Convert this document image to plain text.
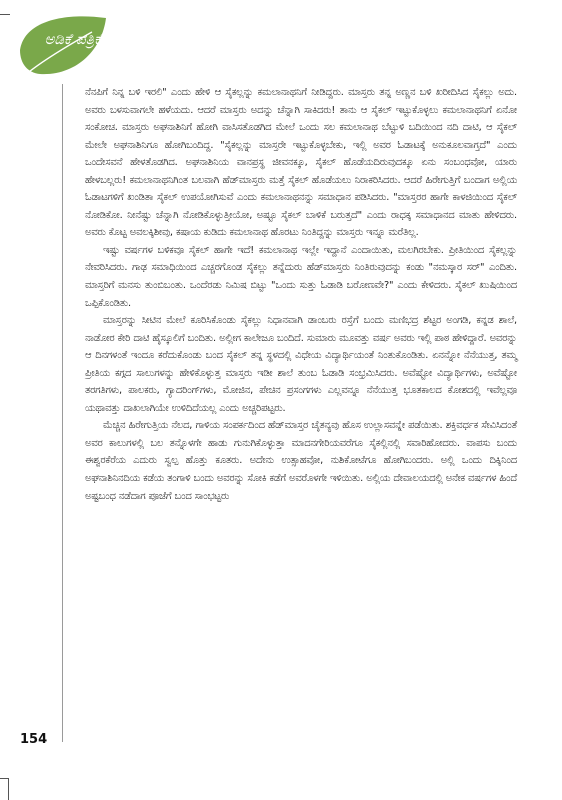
ಅಡಿಕೆ ಪತ್ರಿಕೆ

ನೆನಪಿಗೆ ನಿನ್ನ ಬಳಿ ಇರಲಿ" ಎಂದು ಹೇಳಿ ಆ ಸೈಕಲ್ಲನ್ನು ಕಮಲಾನಾಥನಿಗೆ ನೀಡಿದ್ದರು. ಮಾಸ್ತರು ತನ್ನ ಅಣ್ಣನ ಬಳಿ ಖರೀದಿಸಿದ ಸೈಕಲ್ಲು ಅದು. ಅವರು ಬಳಸುವಾಗಲೇ ಹಳೆಯದು. ಆದರೆ ಮಾಸ್ತರು ಅದನ್ನು ಚೆನ್ನಾಗಿ ಸಾಕಿದರು! ತಾನು ಆ ಸೈಕಲ್ ಇಟ್ಟುಕೊಳ್ಳಲು ಕಮಲಾನಾಥನಿಗೆ ಏನೋ ಸಂಕೋಚ. ಮಾಸ್ತರು ಅಘನಾಶಿನಿಗೆ ಹೋಗಿ ವಾಸಿಸತೊಡಗಿದ ಮೇಲೆ ಒಂದು ಸಲ ಕಮಲಾನಾಥ ಬೆಟ್ಟುಳಿ ಬದಿಯಿಂದ ನದಿ ದಾಟಿ, ಆ ಸೈಕಲ್ ಮೇಲೇ ಅಘನಾಶಿನಿಗೂ ಹೋಗಿಬಂದಿದ್ದ. "ಸೈಕಲ್ಲನ್ನು ಮಾಸ್ತರೇ ಇಟ್ಟುಕೊಳ್ಳಬೇಕು, ಇಲ್ಲಿ ಅವರ ಓಡಾಟಕ್ಕೆ ಅನುಕೂಲವಾಗ್ತದೆ" ಎಂದು ಒಂದೇಸವನೆ ಹೇಳತೊಡಗಿದ. ಅಘನಾಶಿನಿಯ ವಾನಪ್ರಸ್ಥ ಜೀವನಕ್ಕೂ, ಸೈಕಲ್ ಹೊಡೆಯದಿರುವುದಕ್ಕೂ ಏನು ಸಂಬಂಧವೋ, ಯಾರು ಹೇಳಬಲ್ಲರು! ಕಮಲಾನಾಥನಿಗಿಂತ ಬಲವಾಗಿ ಹೆಡ್‌ಮಾಸ್ತರು ಮತ್ತೆ ಸೈಕಲ್ ಹೊಡೆಯಲು ನಿರಾಕರಿಸಿದರು. ಆದರೆ ಹಿರೇಗುತ್ತಿಗೆ ಬಂದಾಗ ಅಲ್ಲಿಯ ಓಡಾಟಗಳಿಗೆ ಖಂಡಿತಾ ಸೈಕಲ್ ಉಪಯೋಗಿಸುವೆ ಎಂದು ಕಮಲಾನಾಥನನ್ನು ಸಮಾಧಾನ ಪಡಿಸಿದರು. "ಮಾಸ್ತರರ ಹಾಗೇ ಕಾಳಜಿಯಿಂದ ಸೈಕಲ್ ನೋಡಿಕೋ. ನೀನೆಷ್ಟು ಚೆನ್ನಾಗಿ ನೋಡಿಕೊಳ್ಳುತ್ತೀಯೋ, ಅಷ್ಟೂ ಸೈಕಲ್ ಬಾಳಿಕೆ ಬರುತ್ತದೆ" ಎಂದು ರಾಧಕ್ಕ ಸಮಾಧಾನದ ಮಾತು ಹೇಳಿದರು. ಅವರು ಕೊಟ್ಟ ಅವಲಕ್ಕಿಶೀವು, ಕಷಾಯ ಕುಡಿದು ಕಮಲಾನಾಥ ಹೊರಟು ನಿಂತಿದ್ದನ್ನು ಮಾಸ್ತರು ಇನ್ನೂ ಮರೆತಿಲ್ಲ.

ಇಷ್ಟು ವರ್ಷಗಳ ಬಳಿಕವೂ ಸೈಕಲ್ ಹಾಗೇ ಇದೆ! ಕಮಲಾನಾಥ ಇಲ್ಲೇ ಇದ್ದಾನೆ ಎಂದಾಯಿತು, ಮಲಗಿರಬೇಕು. ಪ್ರೀತಿಯಿಂದ ಸೈಕಲ್ಲನ್ನು ನೇವರಿಸಿದರು. ಗಾಢ ಸಮಾಧಿಯಿಂದ ಎಚ್ಚರಗೊಂಡ ಸೈಕಲ್ಲು ತನ್ನೆದುರು ಹೆಡ್‌ಮಾಸ್ತರು ನಿಂತಿರುವುದನ್ನು ಕಂಡು "ನಮಸ್ಕಾರ ಸರ್" ಎಂದಿತು. ಮಾಸ್ತರಿಗೆ ಮನಸು ತುಂಬಿಬಂತು. ಒಂದೆರಡು ನಿಮಿಷ ಬಿಟ್ಟು "ಒಂದು ಸುತ್ತು ಓಡಾಡಿ ಬರೋಣವೇ?" ಎಂದು ಕೇಳಿದರು. ಸೈಕಲ್ ಖುಷಿಯಿಂದ ಒಪ್ಪಿಕೊಂಡಿತು.

ಮಾಸ್ತರನ್ನು ಸೀಟಿನ ಮೇಲೆ ಕೂರಿಸಿಕೊಂಡು ಸೈಕಲ್ಲು ನಿಧಾನವಾಗಿ ಡಾಂಬರು ರಸ್ತೆಗೆ ಬಂದು ಮಣಿಭದ್ರ ಶೆಟ್ಟರ ಅಂಗಡಿ, ಕನ್ನಡ ಶಾಲೆ, ನಾಡೋರ ಕೇರಿ ದಾಟಿ ಹೈಸ್ಕೂಲಿಗೆ ಬಂದಿತು. ಅಲ್ಲೀಗ ಕಾಲೇಜೂ ಬಂದಿದೆ. ಸುಮಾರು ಮೂವತ್ತು ವರ್ಷ ಅವರು ಇಲ್ಲಿ ಪಾಠ ಹೇಳಿದ್ದಾರೆ. ಅವರನ್ನು ಆ ದಿನಗಳಂತೆ ಇಂದೂ ಕರೆದುಕೊಂಡು ಬಂದ ಸೈಕಲ್ ತನ್ನ ಸ್ಥಳದಲ್ಲಿ ವಿಧೇಯ ವಿದ್ಯಾರ್ಥಿಯಂತೆ ನಿಂತುಕೊಂಡಿತು. ಏನನ್ನೋ ನೆನೆಯುತ್ತ, ತಮ್ಮ ಪ್ರೀತಿಯ ಕಗ್ಗದ ಸಾಲುಗಳನ್ನು ಹೇಳಿಕೊಳ್ಳುತ್ತ ಮಾಸ್ತರು ಇಡೀ ಶಾಲೆ ತುಂಬ ಓಡಾಡಿ ಸಂಭ್ರಮಿಸಿದರು. ಅವೆಷ್ಟೋ ವಿದ್ಯಾರ್ಥಿಗಳು, ಅವೆಷ್ಟೋ ತರಗತಿಗಳು, ಪಾಲಕರು, ಗ್ಯಾದರಿಂಗ್‌ಗಳು, ಮೋಜಿನ, ಪೇಚಿನ ಪ್ರಸಂಗಗಳು ಎಲ್ಲವನ್ನೂ ನೆನೆಯುತ್ತ ಭೂತಕಾಲದ ಕೋಶದಲ್ಲಿ ಇವೆಲ್ಲವೂ ಯಥಾವತ್ತು ದಾಖಲಾಗಿಯೇ ಉಳಿದಿದೆಯಲ್ಲ ಎಂದು ಅಚ್ಚರಿಪಟ್ಟರು.

ಮೆಚ್ಚಿನ ಹಿರೇಗುತ್ತಿಯ ನೆಲದ, ಗಾಳಿಯ ಸಂಪರ್ಕದಿಂದ ಹೆಡ್‌ಮಾಸ್ತರ ಚೈತನ್ಯವು ಹೊಸ ಉಲ್ಲಾಸವನ್ನೇ ಪಡೆಯಿತು. ಶಕ್ತಿವರ್ಧಕ ಸೇವಿಸಿದಂತೆ ಅವರ ಕಾಲುಗಳಲ್ಲಿ ಬಲ ತನ್ನೊಳಗೇ ಹಾಡು ಗುನುಗಿಕೊಳ್ಳುತ್ತಾ ಮಾದನಗೇರಿಯವರೆಗೂ ಸೈಕಲ್ಲಿನಲ್ಲಿ ಸವಾರಿಹೋದರು. ವಾಪಸು ಬಂದು ಈಶ್ವರಕೆರೆಯ ಎದುರು ಸ್ವಲ್ಪ ಹೊತ್ತು ಕೂತರು. ಅದೇನು ಉತ್ಸಾಹವೋ, ನುಶಿಕೋಟೆಗೂ ಹೋಗಿಬಂದರು. ಅಲ್ಲಿ ಒಂದು ದಿಕ್ಕಿನಿಂದ ಅಘನಾಶಿನಿನದಿಯ ಕಡೆಯ ತಂಗಾಳಿ ಬಂದು ಅವರನ್ನು ಸೋಕಿ ಕಡೆಗೆ ಅವರೊಳಗೇ ಇಳಿಯಿತು. ಅಲ್ಲಿಯ ದೇವಾಲಯದಲ್ಲಿ ಅನೇಕ ವರ್ಷಗಳ ಹಿಂದೆ ಅಷ್ಟಬಂಧ ನಡೆದಾಗ ಪೂಜೆಗೆ ಬಂದ ಸಾಂಭಟ್ಟರು

154
